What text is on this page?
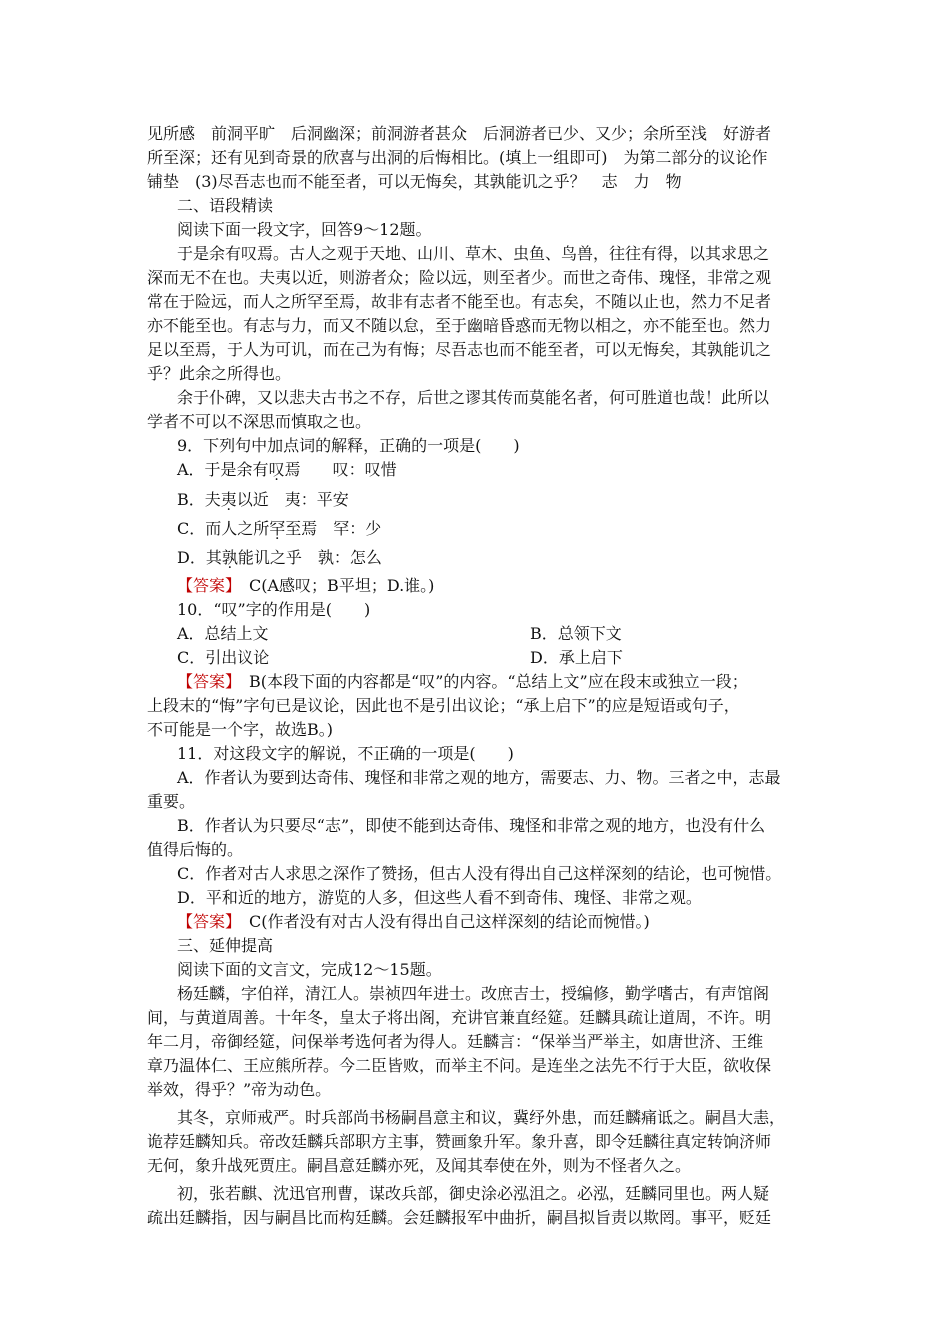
见所感　前洞平旷　后洞幽深；前洞游者甚众　后洞游者已少、又少；余所至浅　好游者
所至深；还有见到奇景的欣喜与出洞的后悔相比。(填上一组即可)　为第二部分的议论作
铺垫　(3)尽吾志也而不能至者，可以无悔矣，其孰能讥之乎？　志　力　物
二、语段精读
阅读下面一段文字，回答9～12题。
于是余有叹焉。古人之观于天地、山川、草木、虫鱼、鸟兽，往往有得，以其求思之
深而无不在也。夫夷以近，则游者众；险以远，则至者少。而世之奇伟、瑰怪，非常之观
常在于险远，而人之所罕至焉，故非有志者不能至也。有志矣，不随以止也，然力不足者
亦不能至也。有志与力，而又不随以怠，至于幽暗昏惑而无物以相之，亦不能至也。然力
足以至焉，于人为可讥，而在己为有悔；尽吾志也而不能至者，可以无悔矣，其孰能讥之
乎？此余之所得也。
余于仆碑，又以悲夫古书之不存，后世之谬其传而莫能名者，何可胜道也哉！此所以
学者不可以不深思而慎取之也。
9．下列句中加点词的解释，正确的一项是(　　)
A．于是余有叹焉　　叹：叹惜
B．夫夷以近　夷：平安
C．而人之所罕至焉　罕：少
D．其孰能讥之乎　孰：怎么
【答案】　C(A感叹；B平坦；D.谁。)
10．“叹”字的作用是(　　)
A．总结上文	B．总领下文
C．引出议论	D．承上启下
【答案】　B(本段下面的内容都是“叹”的内容。“总结上文”应在段末或独立一段；
上段末的“悔”字句已是议论，因此也不是引出议论；“承上启下”的应是短语或句子，
不可能是一个字，故选B。)
11．对这段文字的解说，不正确的一项是(　　)
A．作者认为要到达奇伟、瑰怪和非常之观的地方，需要志、力、物。三者之中，志最
重要。
B．作者认为只要尽“志”，即使不能到达奇伟、瑰怪和非常之观的地方，也没有什么
值得后悔的。
C．作者对古人求思之深作了赞扬，但古人没有得出自己这样深刻的结论，也可惋惜。
D．平和近的地方，游览的人多，但这些人看不到奇伟、瑰怪、非常之观。
【答案】　C(作者没有对古人没有得出自己这样深刻的结论而惋惜。)
三、延伸提高
阅读下面的文言文，完成12～15题。
杨廷麟，字伯祥，清江人。崇祯四年进士。改庶吉士，授编修，勤学嗜古，有声馆阁
间，与黄道周善。十年冬，皇太子将出阁，充讲官兼直经筵。廷麟具疏让道周，不许。明
年二月，帝御经筵，问保举考选何者为得人。廷麟言：“保举当严举主，如唐世济、王维
章乃温体仁、王应熊所荐。今二臣皆败，而举主不问。是连坐之法先不行于大臣，欲收保
举效，得乎？”帝为动色。
其冬，京师戒严。时兵部尚书杨嗣昌意主和议，冀纾外患，而廷麟痛诋之。嗣昌大恚，
诡荐廷麟知兵。帝改廷麟兵部职方主事，赞画象升军。象升喜，即令廷麟往真定转饷济师
无何，象升战死贾庄。嗣昌意廷麟亦死，及闻其奉使在外，则为不怪者久之。
初，张若麒、沈迅官刑曹，谋改兵部，御史涂必泓沮之。必泓，廷麟同里也。两人疑
疏出廷麟指，因与嗣昌比而构廷麟。会廷麟报军中曲折，嗣昌拟旨责以欺罔。事平，贬廷
